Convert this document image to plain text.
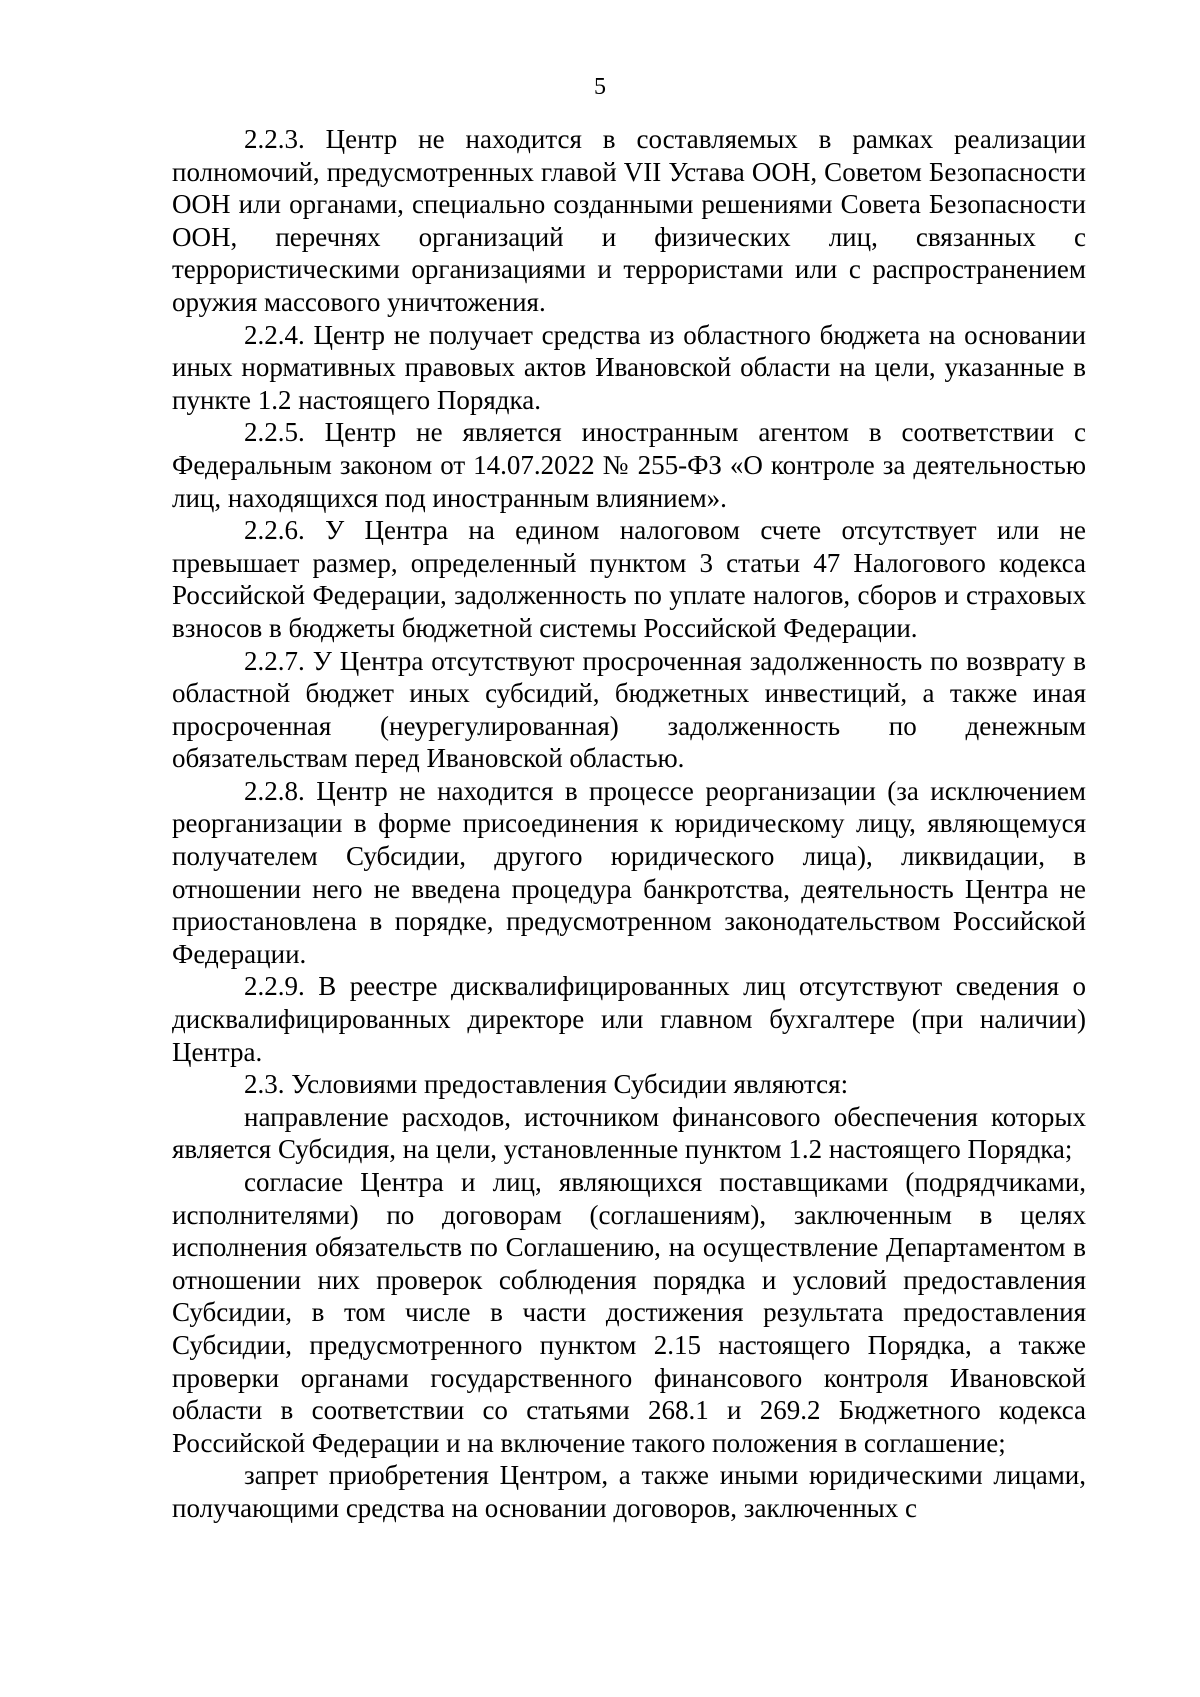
5

2.2.3. Центр не находится в составляемых в рамках реализации полномочий, предусмотренных главой VII Устава ООН, Советом Безопасности ООН или органами, специально созданными решениями Совета Безопасности ООН, перечнях организаций и физических лиц, связанных с террористическими организациями и террористами или с распространением оружия массового уничтожения.

2.2.4. Центр не получает средства из областного бюджета на основании иных нормативных правовых актов Ивановской области на цели, указанные в пункте 1.2 настоящего Порядка.

2.2.5. Центр не является иностранным агентом в соответствии с Федеральным законом от 14.07.2022 № 255-ФЗ «О контроле за деятельностью лиц, находящихся под иностранным влиянием».

2.2.6. У Центра на едином налоговом счете отсутствует или не превышает размер, определенный пунктом 3 статьи 47 Налогового кодекса Российской Федерации, задолженность по уплате налогов, сборов и страховых взносов в бюджеты бюджетной системы Российской Федерации.

2.2.7. У Центра отсутствуют просроченная задолженность по возврату в областной бюджет иных субсидий, бюджетных инвестиций, а также иная просроченная (неурегулированная) задолженность по денежным обязательствам перед Ивановской областью.

2.2.8. Центр не находится в процессе реорганизации (за исключением реорганизации в форме присоединения к юридическому лицу, являющемуся получателем Субсидии, другого юридического лица), ликвидации, в отношении него не введена процедура банкротства, деятельность Центра не приостановлена в порядке, предусмотренном законодательством Российской Федерации.

2.2.9. В реестре дисквалифицированных лиц отсутствуют сведения о дисквалифицированных директоре или главном бухгалтере (при наличии) Центра.

2.3. Условиями предоставления Субсидии являются:

направление расходов, источником финансового обеспечения которых является Субсидия, на цели, установленные пунктом 1.2 настоящего Порядка;

согласие Центра и лиц, являющихся поставщиками (подрядчиками, исполнителями) по договорам (соглашениям), заключенным в целях исполнения обязательств по Соглашению, на осуществление Департаментом в отношении них проверок соблюдения порядка и условий предоставления Субсидии, в том числе в части достижения результата предоставления Субсидии, предусмотренного пунктом 2.15 настоящего Порядка, а также проверки органами государственного финансового контроля Ивановской области в соответствии со статьями 268.1 и 269.2 Бюджетного кодекса Российской Федерации и на включение такого положения в соглашение;

запрет приобретения Центром, а также иными юридическими лицами, получающими средства на основании договоров, заключенных с
